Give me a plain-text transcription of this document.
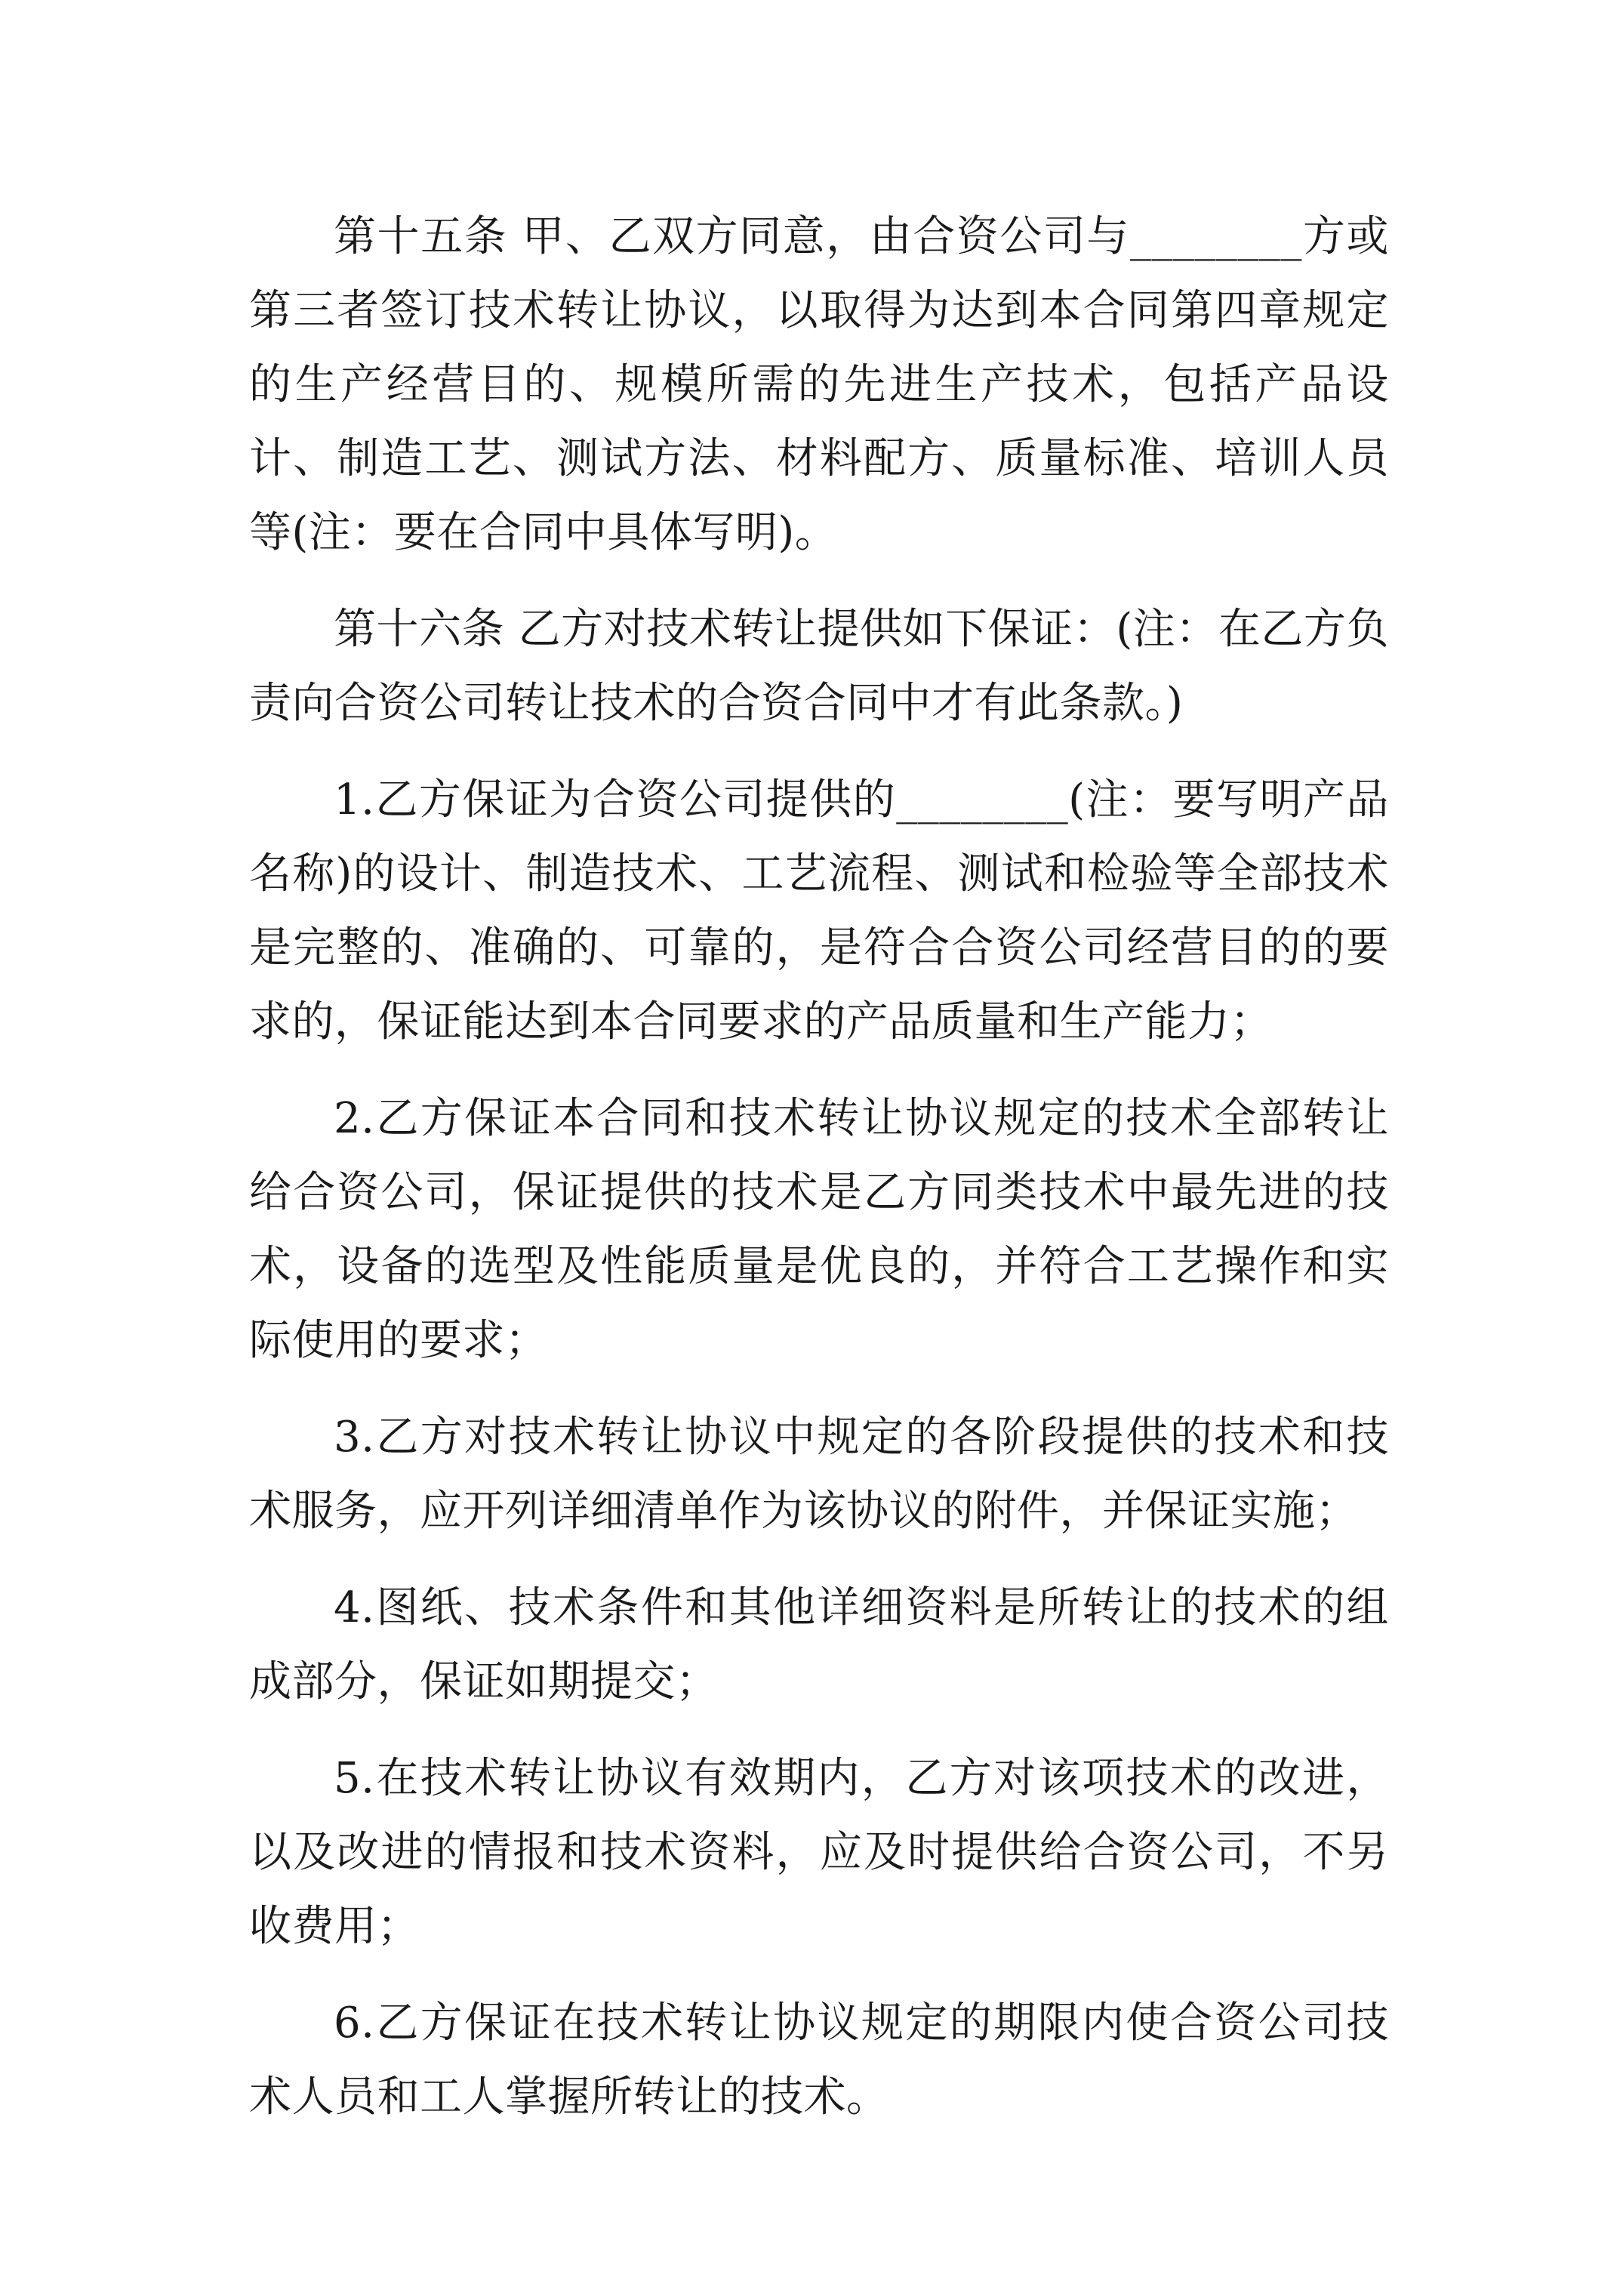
第十五条 甲、乙双方同意，由合资公司与________方或第三者签订技术转让协议，以取得为达到本合同第四章规定的生产经营目的、规模所需的先进生产技术，包括产品设计、制造工艺、测试方法、材料配方、质量标准、培训人员等(注：要在合同中具体写明)。

第十六条 乙方对技术转让提供如下保证：(注：在乙方负责向合资公司转让技术的合资合同中才有此条款。)

1.乙方保证为合资公司提供的________(注：要写明产品名称)的设计、制造技术、工艺流程、测试和检验等全部技术是完整的、准确的、可靠的，是符合合资公司经营目的的要求的，保证能达到本合同要求的产品质量和生产能力；

2.乙方保证本合同和技术转让协议规定的技术全部转让给合资公司，保证提供的技术是乙方同类技术中最先进的技术，设备的选型及性能质量是优良的，并符合工艺操作和实际使用的要求；

3.乙方对技术转让协议中规定的各阶段提供的技术和技术服务，应开列详细清单作为该协议的附件，并保证实施；

4.图纸、技术条件和其他详细资料是所转让的技术的组成部分，保证如期提交；

5.在技术转让协议有效期内，乙方对该项技术的改进，以及改进的情报和技术资料，应及时提供给合资公司，不另收费用；

6.乙方保证在技术转让协议规定的期限内使合资公司技术人员和工人掌握所转让的技术。
